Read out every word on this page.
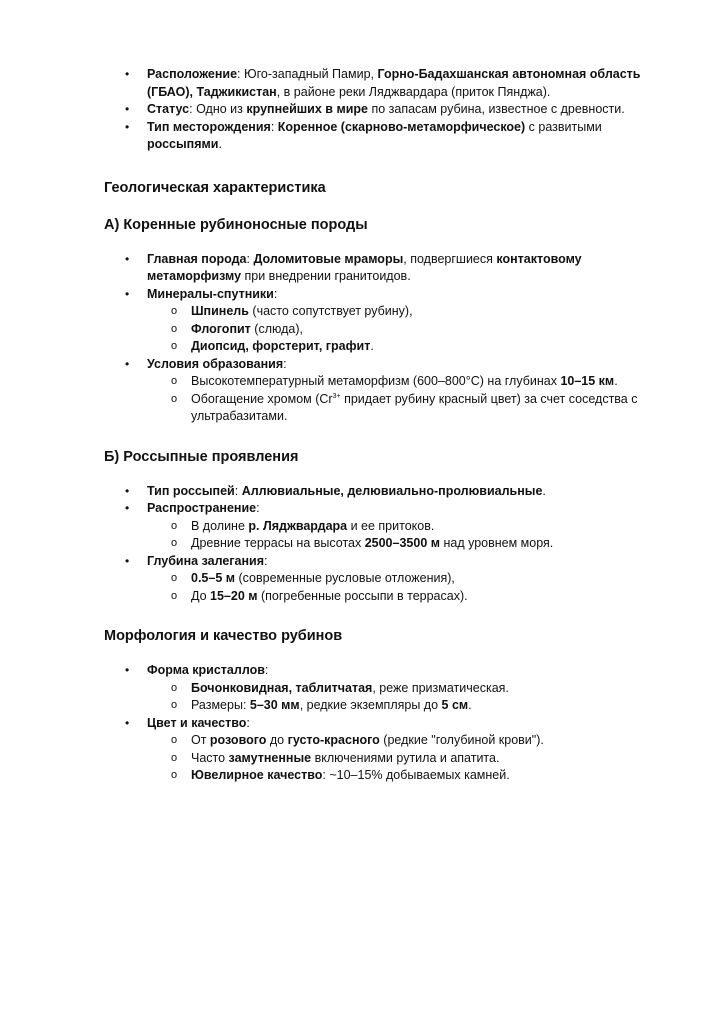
• Расположение: Юго-западный Памир, Горно-Бадахшанская автономная область (ГБАО), Таджикистан, в районе реки Ляджвардара (приток Пянджа).
• Статус: Одно из крупнейших в мире по запасам рубина, известное с древности.
• Тип месторождения: Коренное (скарново-метаморфическое) с развитыми россыпями.
Геологическая характеристика
А) Коренные рубиноносные породы
• Главная порода: Доломитовые мраморы, подвергшиеся контактовому метаморфизму при внедрении гранитоидов.
• Минералы-спутники:
o Шпинель (часто сопутствует рубину),
o Флогопит (слюда),
o Диопсид, форстерит, графит.
• Условия образования:
o Высокотемпературный метаморфизм (600–800°C) на глубинах 10–15 км.
o Обогащение хромом ($Cr^{3+}$ придает рубину красный цвет) за счет соседства с ультрабазитами.
Б) Россыпные проявления
• Тип россыпей: Аллювиальные, делювиально-пролювиальные.
• Распространение:
o В долине р. Ляджвардара и ее притоков.
o Древние террасы на высотах 2500–3500 м над уровнем моря.
• Глубина залегания:
o 0.5–5 м (современные русловые отложения),
o До 15–20 м (погребенные россыпи в террасах).
Морфология и качество рубинов
• Форма кристаллов:
o Бочонковидная, таблитчатая, реже призматическая.
o Размеры: 5–30 мм, редкие экземпляры до 5 см.
• Цвет и качество:
o От розового до густо-красного (редкие "голубиной крови").
o Часто замутненные включениями рутила и апатита.
o Ювелирное качество: ~10–15% добываемых камней.
